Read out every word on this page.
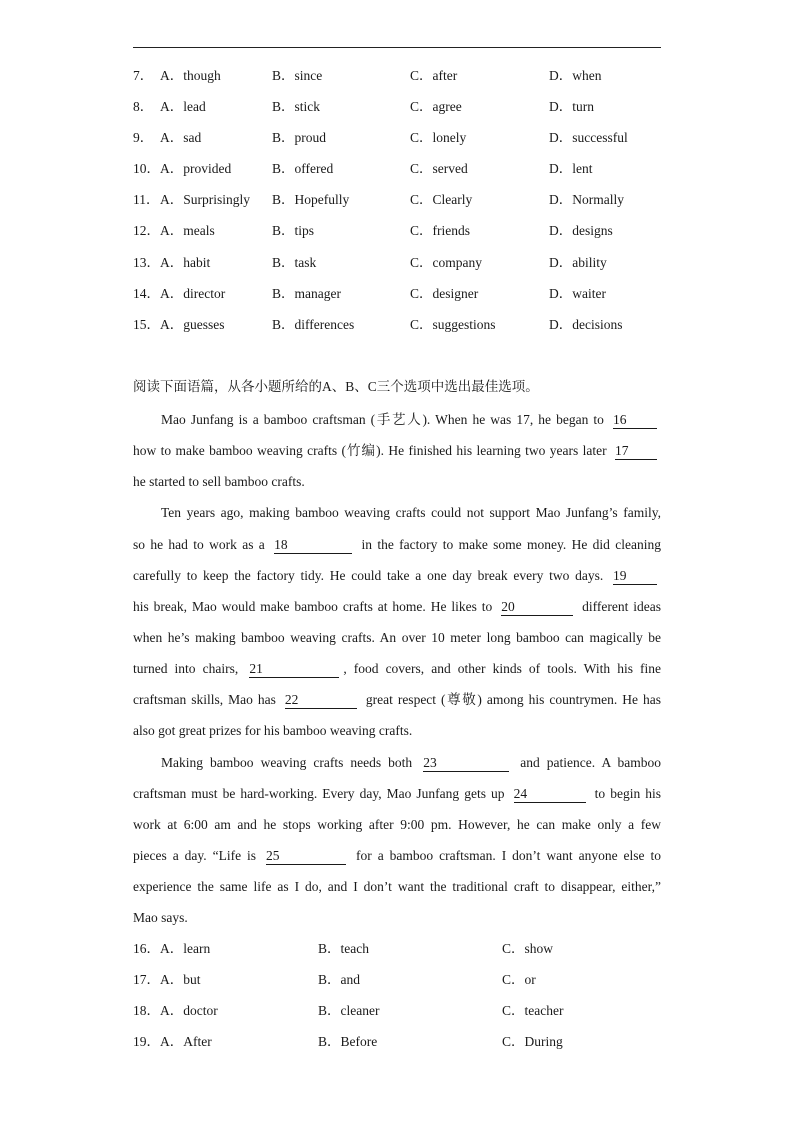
7． A．though	B．since	C．after	D．when
8． A．lead	B．stick	C．agree	D．turn
9． A．sad	B．proud	C．lonely	D．successful
10． A．provided	B．offered	C．served	D．lent
11． A．Surprisingly B．Hopefully	C．Clearly	D．Normally
12． A．meals	B．tips	C．friends	D．designs
13． A．habit	B．task	C．company	D．ability
14． A．director	B．manager	C．designer	D．waiter
15． A．guesses	B．differences	C．suggestions	D．decisions
阅读下面语篇，从各小题所给的A、B、C三个选项中选出最佳选项。
Mao Junfang is a bamboo craftsman (手艺人). When he was 17, he began to 16
how to make bamboo weaving crafts (竹编). He finished his learning two years later 17
he started to sell bamboo crafts.
Ten years ago, making bamboo weaving crafts could not support Mao Junfang’s family,
so he had to work as a 18	in the factory to make some money. He did cleaning
carefully to keep the factory tidy. He could take a one day break every two days. 19
his break, Mao would make bamboo crafts at home. He likes to 20	different ideas
when he’s making bamboo weaving crafts. An over 10 meter long bamboo can magically be
turned into chairs, 21	, food covers, and other kinds of tools. With his fine
craftsman skills, Mao has 22	great respect (尊敬) among his countrymen. He has
also got great prizes for his bamboo weaving crafts.
Making bamboo weaving crafts needs both 23	and patience. A bamboo
craftsman must be hard-working. Every day, Mao Junfang gets up 24	to begin his
work at 6:00 am and he stops working after 9:00 pm. However, he can make only a few
pieces a day. “Life is 25	for a bamboo craftsman. I don’t want anyone else to
experience the same life as I do, and I don’t want the traditional craft to disappear, either,”
Mao says.
16． A．learn	B．teach	C．show
17． A．but	B．and	C．or
18． A．doctor	B．cleaner	C．teacher
19． A．After	B．Before	C．During
